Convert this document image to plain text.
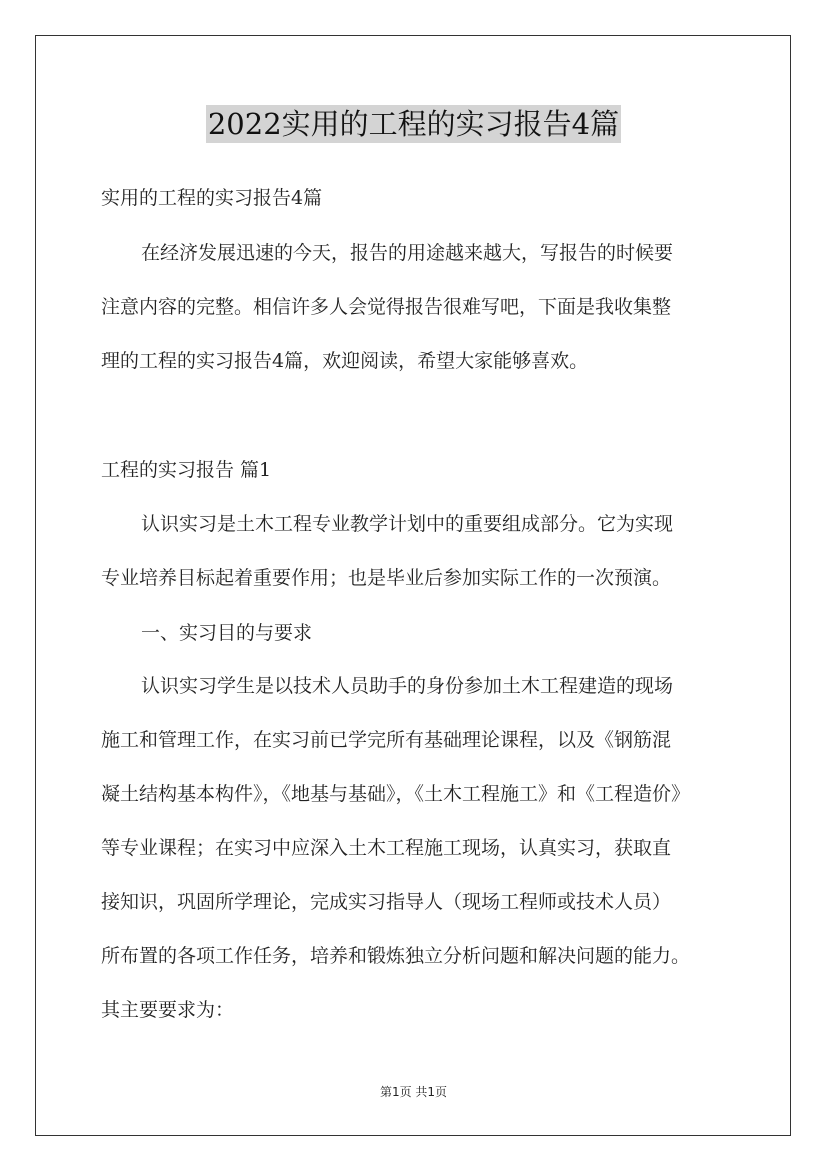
2022实用的工程的实习报告4篇
实用的工程的实习报告4篇
在经济发展迅速的今天，报告的用途越来越大，写报告的时候要
注意内容的完整。相信许多人会觉得报告很难写吧，下面是我收集整
理的工程的实习报告4篇，欢迎阅读，希望大家能够喜欢。
工程的实习报告 篇1
认识实习是土木工程专业教学计划中的重要组成部分。它为实现
专业培养目标起着重要作用；也是毕业后参加实际工作的一次预演。
一、实习目的与要求
认识实习学生是以技术人员助手的身份参加土木工程建造的现场
施工和管理工作，在实习前已学完所有基础理论课程，以及《钢筋混
凝土结构基本构件》，《地基与基础》，《土木工程施工》和《工程造价》
等专业课程；在实习中应深入土木工程施工现场，认真实习，获取直
接知识，巩固所学理论，完成实习指导人（现场工程师或技术人员）
所布置的各项工作任务，培养和锻炼独立分析问题和解决问题的能力。
其主要要求为：
第1页 共1页
